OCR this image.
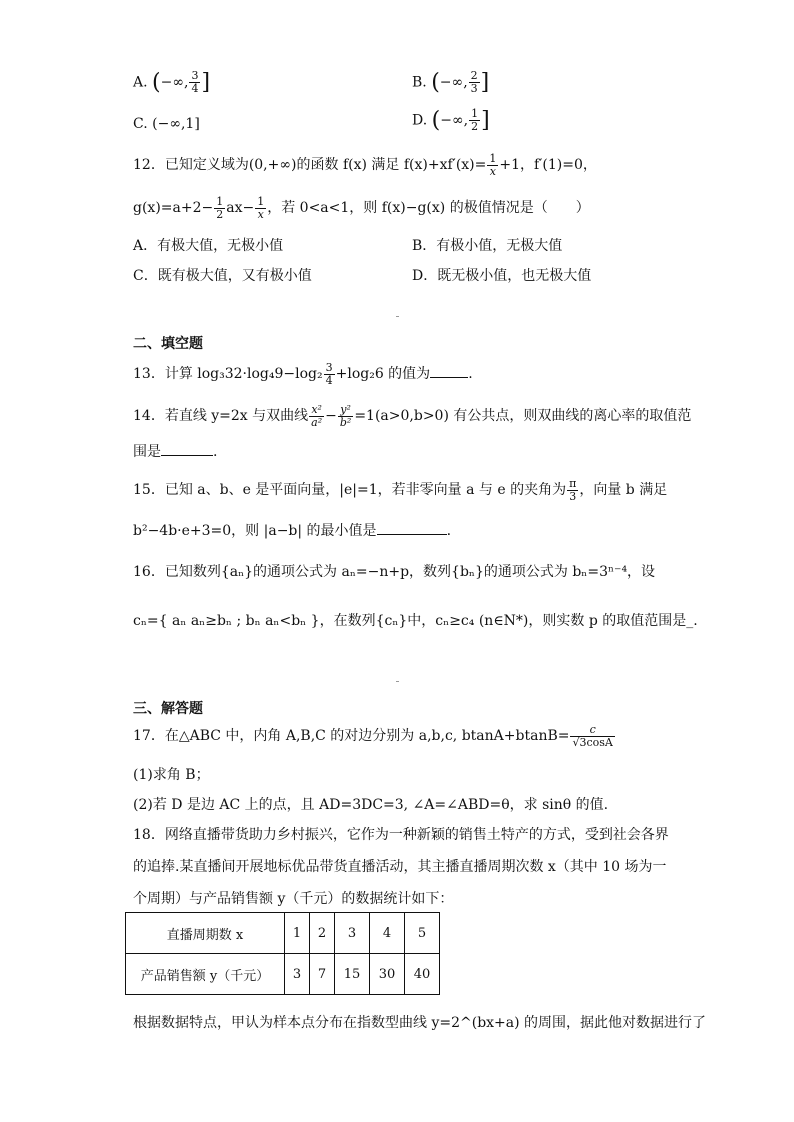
A. (−∞, $\frac{3}{4}$ ]	B. (−∞, $\frac{2}{3}$ ]
C. (−∞,1]	D. (−∞, $\frac{1}{2}$ ]
12．已知定义域为(0,+∞)的函数 f(x) 满足 $f(x)+xf'(x)= \frac{1}{x} +1$，f′(1)=0，
$g(x)=a+2- \frac{1}{2} ax- \frac{1}{x}$ ，若 0<a<1，则 f(x)−g(x) 的极值情况是（　　）
A．有极大值，无极小值	B．有极小值，无极大值
C．既有极大值，又有极小值	D．既无极小值，也无极大值
二、填空题
13．计算 $\log_332\cdot\log_49-\log_2 \frac{3}{4} +\log_26$ 的值为	.
14．若直线 y=2x 与双曲线 $\frac{\text{x²}}{\text{a²}} - \frac{\text{y²}}{\text{b²}} =1(a>0,b>0)$ 有公共点，则双曲线的离心率的取值范
围是	.
15．已知 a、b、e 是平面向量，|e|=1，若非零向量 a 与 e 的夹角为 $\frac{\pi}{3}$ ，向量 b 满足
b²−4b·e+3=0，则 |a−b| 的最小值是	.
16．已知数列{aₙ}的通项公式为 aₙ=−n+p，数列{bₙ}的通项公式为 bₙ=3ⁿ⁻⁴，设
cₙ={ aₙ aₙ≥bₙ ; bₙ aₙ<bₙ }，在数列{cₙ}中，cₙ≥c₄ (n∈N*)，则实数 p 的取值范围是_.
三、解答题
17．在△ABC 中，内角 A,B,C 的对边分别为 a,b,c, $btanA+btanB= \frac{c}{√3\cos A}$
(1)求角 B；
(2)若 D 是边 AC 上的点，且 AD=3DC=3, ∠A=∠ABD=θ，求 sinθ 的值.
18．网络直播带货助力乡村振兴，它作为一种新颖的销售土特产的方式，受到社会各界
的追捧.某直播间开展地标优品带货直播活动，其主播直播周期次数 x（其中 10 场为一
个周期）与产品销售额 y（千元）的数据统计如下：
直播周期数 x	1	2	3	4	5
产品销售额 y（千元）	3	7	15	30	40
根据数据特点，甲认为样本点分布在指数型曲线 y=2^(bx+a) 的周围，据此他对数据进行了
